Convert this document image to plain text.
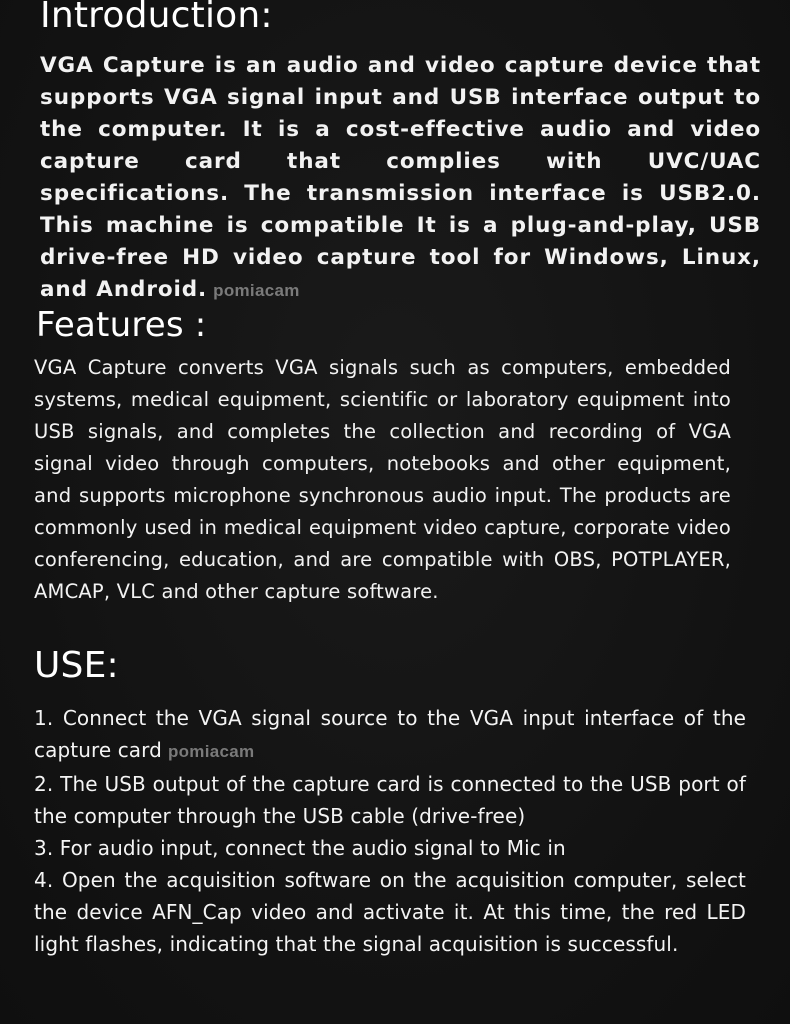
Introduction:

VGA Capture is an audio and video capture device that supports VGA signal input and USB interface output to the computer. It is a cost-effective audio and video capture card that complies with UVC/UAC specifications. The transmission interface is USB2.0. This machine is compatible It is a plug-and-play, USB drive-free HD video capture tool for Windows, Linux, and Android. pomiacam

Features :

VGA Capture converts VGA signals such as computers, embedded systems, medical equipment, scientific or laboratory equipment into USB signals, and completes the collection and recording of VGA signal video through computers, notebooks and other equipment, and supports microphone synchronous audio input. The products are commonly used in medical equipment video capture, corporate video conferencing, education, and are compatible with OBS, POTPLAYER, AMCAP, VLC and other capture software.

USE:
1. Connect the VGA signal source to the VGA input interface of the capture card pomiacam
2. The USB output of the capture card is connected to the USB port of the computer through the USB cable (drive-free)
3. For audio input, connect the audio signal to Mic in
4. Open the acquisition software on the acquisition computer, select the device AFN_Cap video and activate it. At this time, the red LED light flashes, indicating that the signal acquisition is successful.
